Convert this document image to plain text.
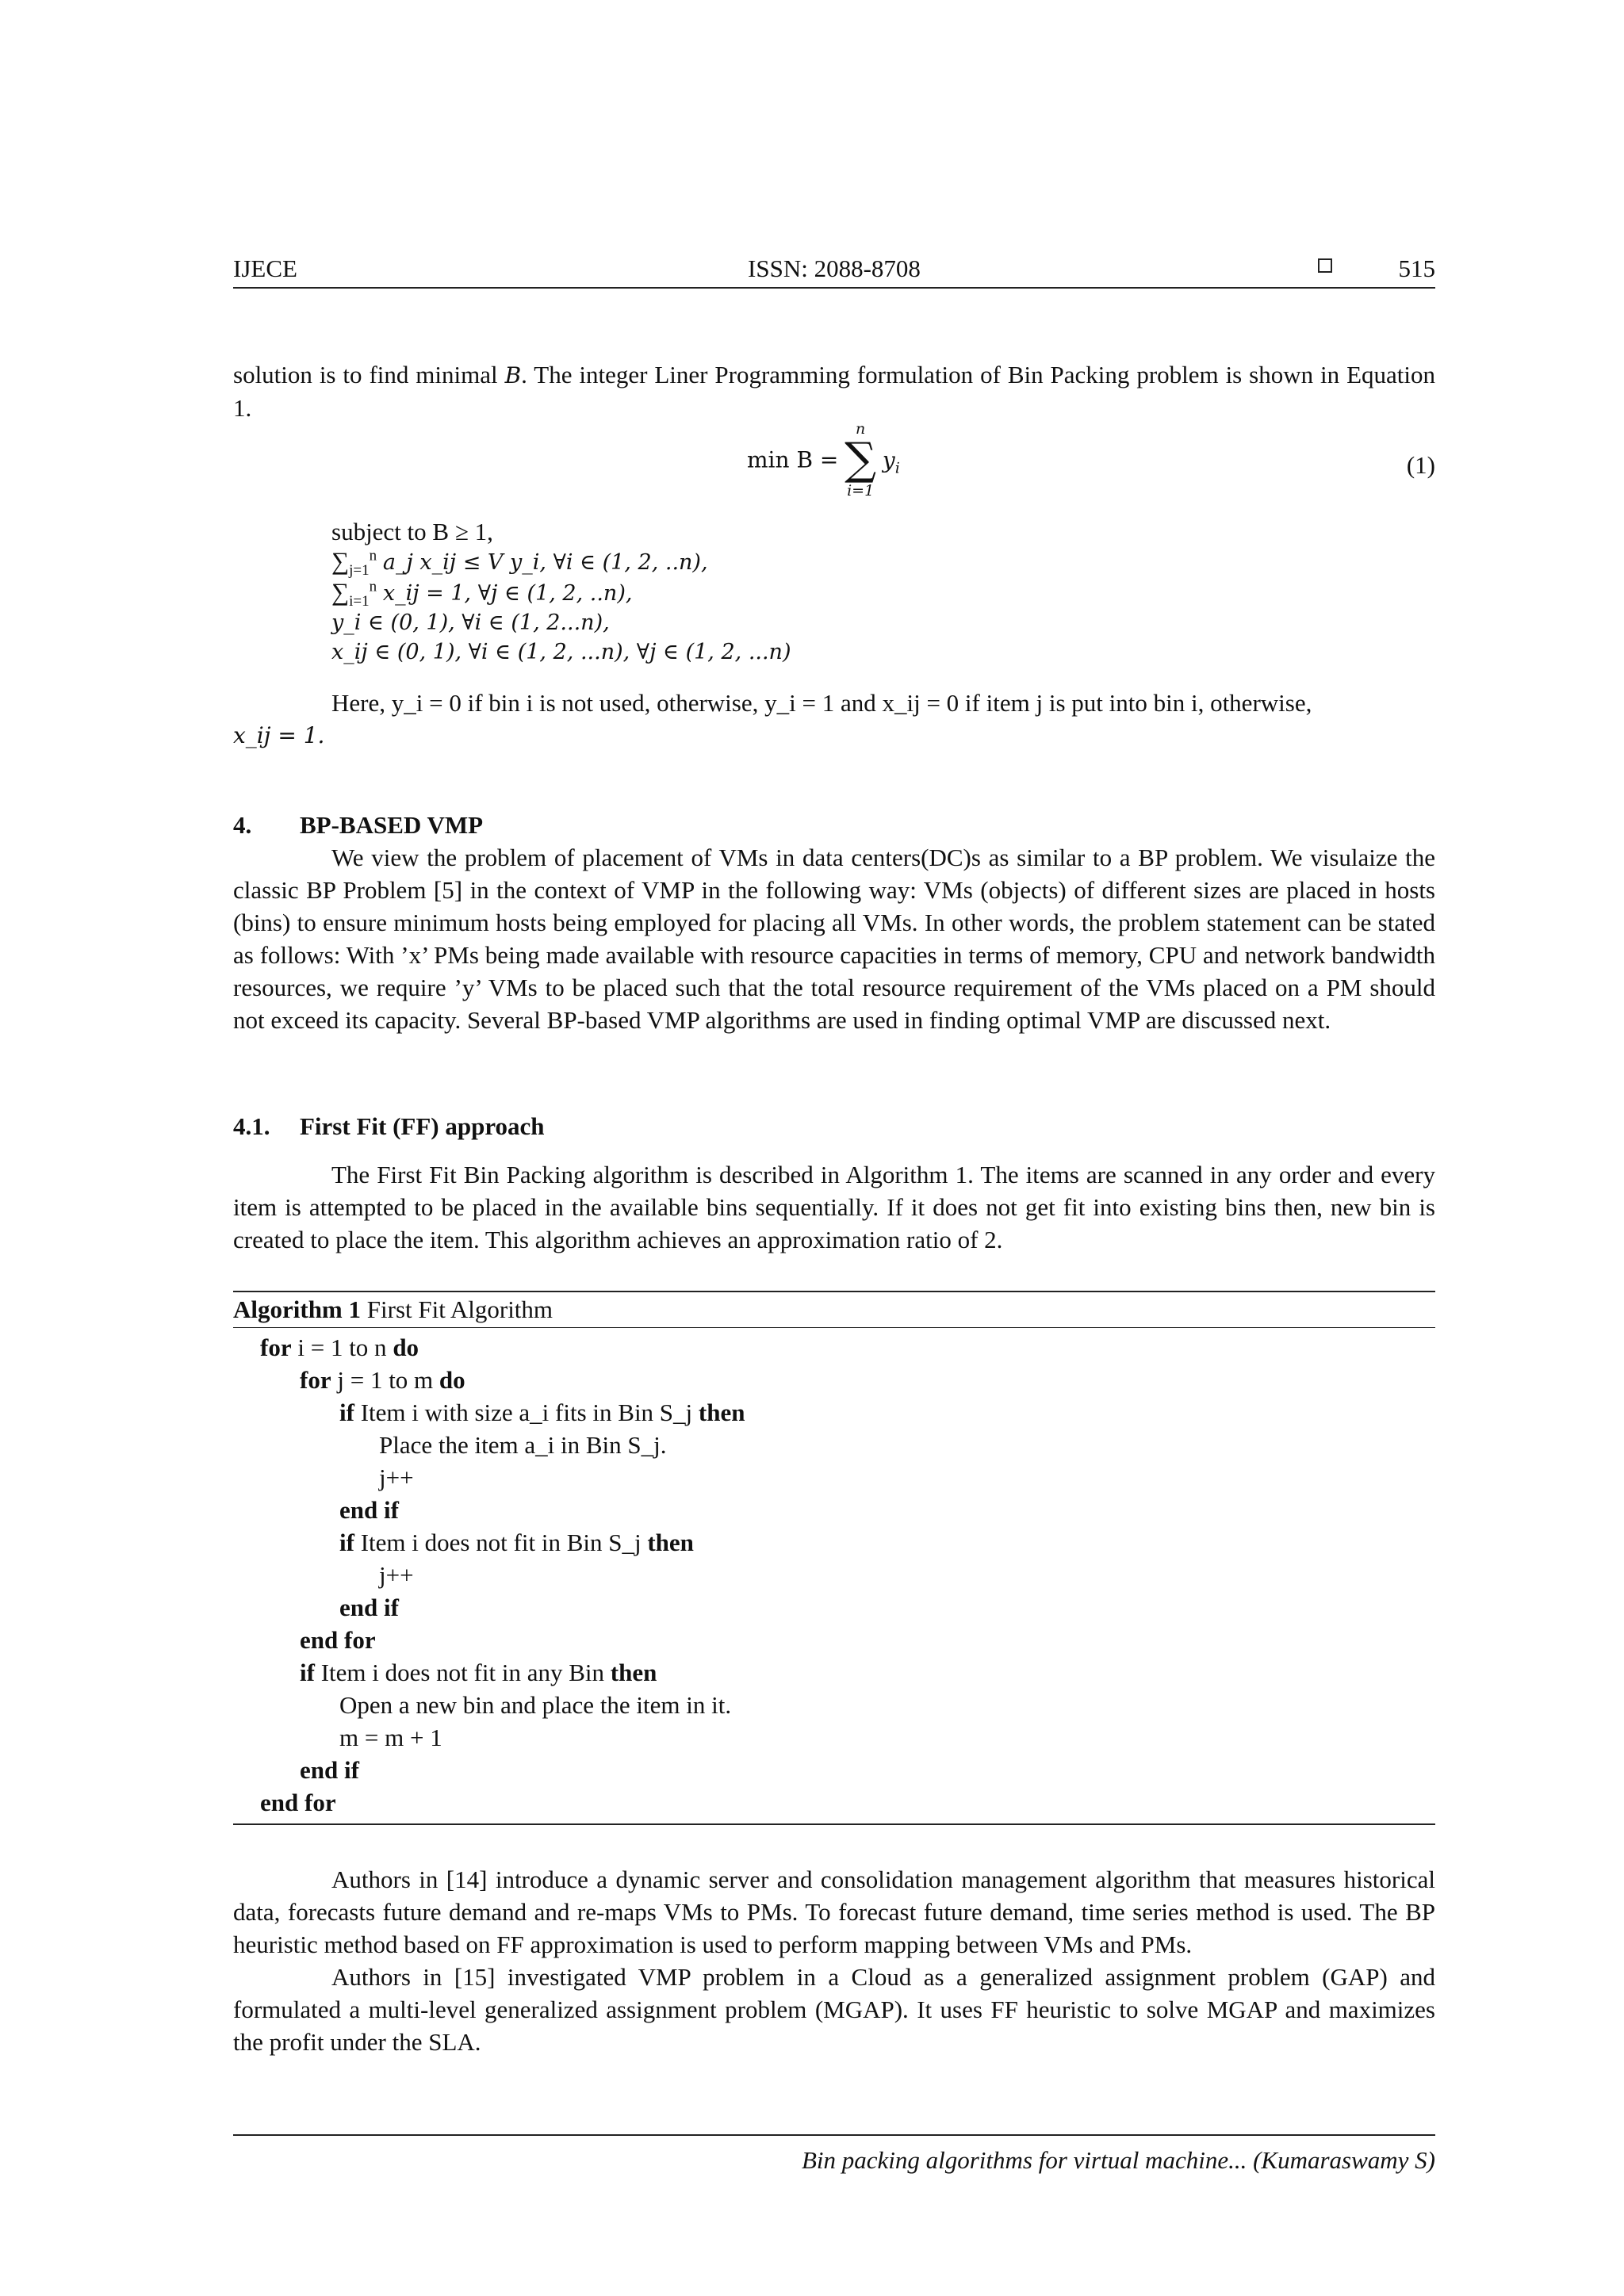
IJECE	ISSN: 2088-8708	515

solution is to find minimal B. The integer Liner Programming formulation of Bin Packing problem is shown in Equation 1.

min B =
n
∑
i=1
$y_i$	(1)
subject to B ≥ 1,
$\sum_{j=1}^n$ a_j x_ij ≤ V y_i, ∀i ∈ (1, 2, ..n),
$\sum_{i=1}^n$ x_ij = 1, ∀j ∈ (1, 2, ..n),
y_i ∈ (0, 1), ∀i ∈ (1, 2...n),
x_ij ∈ (0, 1), ∀i ∈ (1, 2, ...n), ∀j ∈ (1, 2, ...n)

Here, y_i = 0 if bin i is not used, otherwise, y_i = 1 and x_ij = 0 if item j is put into bin i, otherwise,

x_ij = 1.

4. BP-BASED VMP

We view the problem of placement of VMs in data centers(DC)s as similar to a BP problem. We visulaize the classic BP Problem [5] in the context of VMP in the following way: VMs (objects) of different sizes are placed in hosts (bins) to ensure minimum hosts being employed for placing all VMs. In other words, the problem statement can be stated as follows: With ’x’ PMs being made available with resource capacities in terms of memory, CPU and network bandwidth resources, we require ’y’ VMs to be placed such that the total resource requirement of the VMs placed on a PM should not exceed its capacity. Several BP-based VMP algorithms are used in finding optimal VMP are discussed next.

4.1. First Fit (FF) approach

The First Fit Bin Packing algorithm is described in Algorithm 1. The items are scanned in any order and every item is attempted to be placed in the available bins sequentially. If it does not get fit into existing bins then, new bin is created to place the item. This algorithm achieves an approximation ratio of 2.

Algorithm 1 First Fit Algorithm
for i = 1 to n do
for j = 1 to m do
if Item i with size a_i fits in Bin S_j then
Place the item a_i in Bin S_j.
j++
end if
if Item i does not fit in Bin S_j then
j++
end if
end for
if Item i does not fit in any Bin then
Open a new bin and place the item in it.
m = m + 1
end if
end for

Authors in [14] introduce a dynamic server and consolidation management algorithm that measures historical data, forecasts future demand and re-maps VMs to PMs. To forecast future demand, time series method is used. The BP heuristic method based on FF approximation is used to perform mapping between VMs and PMs.

Authors in [15] investigated VMP problem in a Cloud as a generalized assignment problem (GAP) and formulated a multi-level generalized assignment problem (MGAP). It uses FF heuristic to solve MGAP and maximizes the profit under the SLA.

Bin packing algorithms for virtual machine... (Kumaraswamy S)
